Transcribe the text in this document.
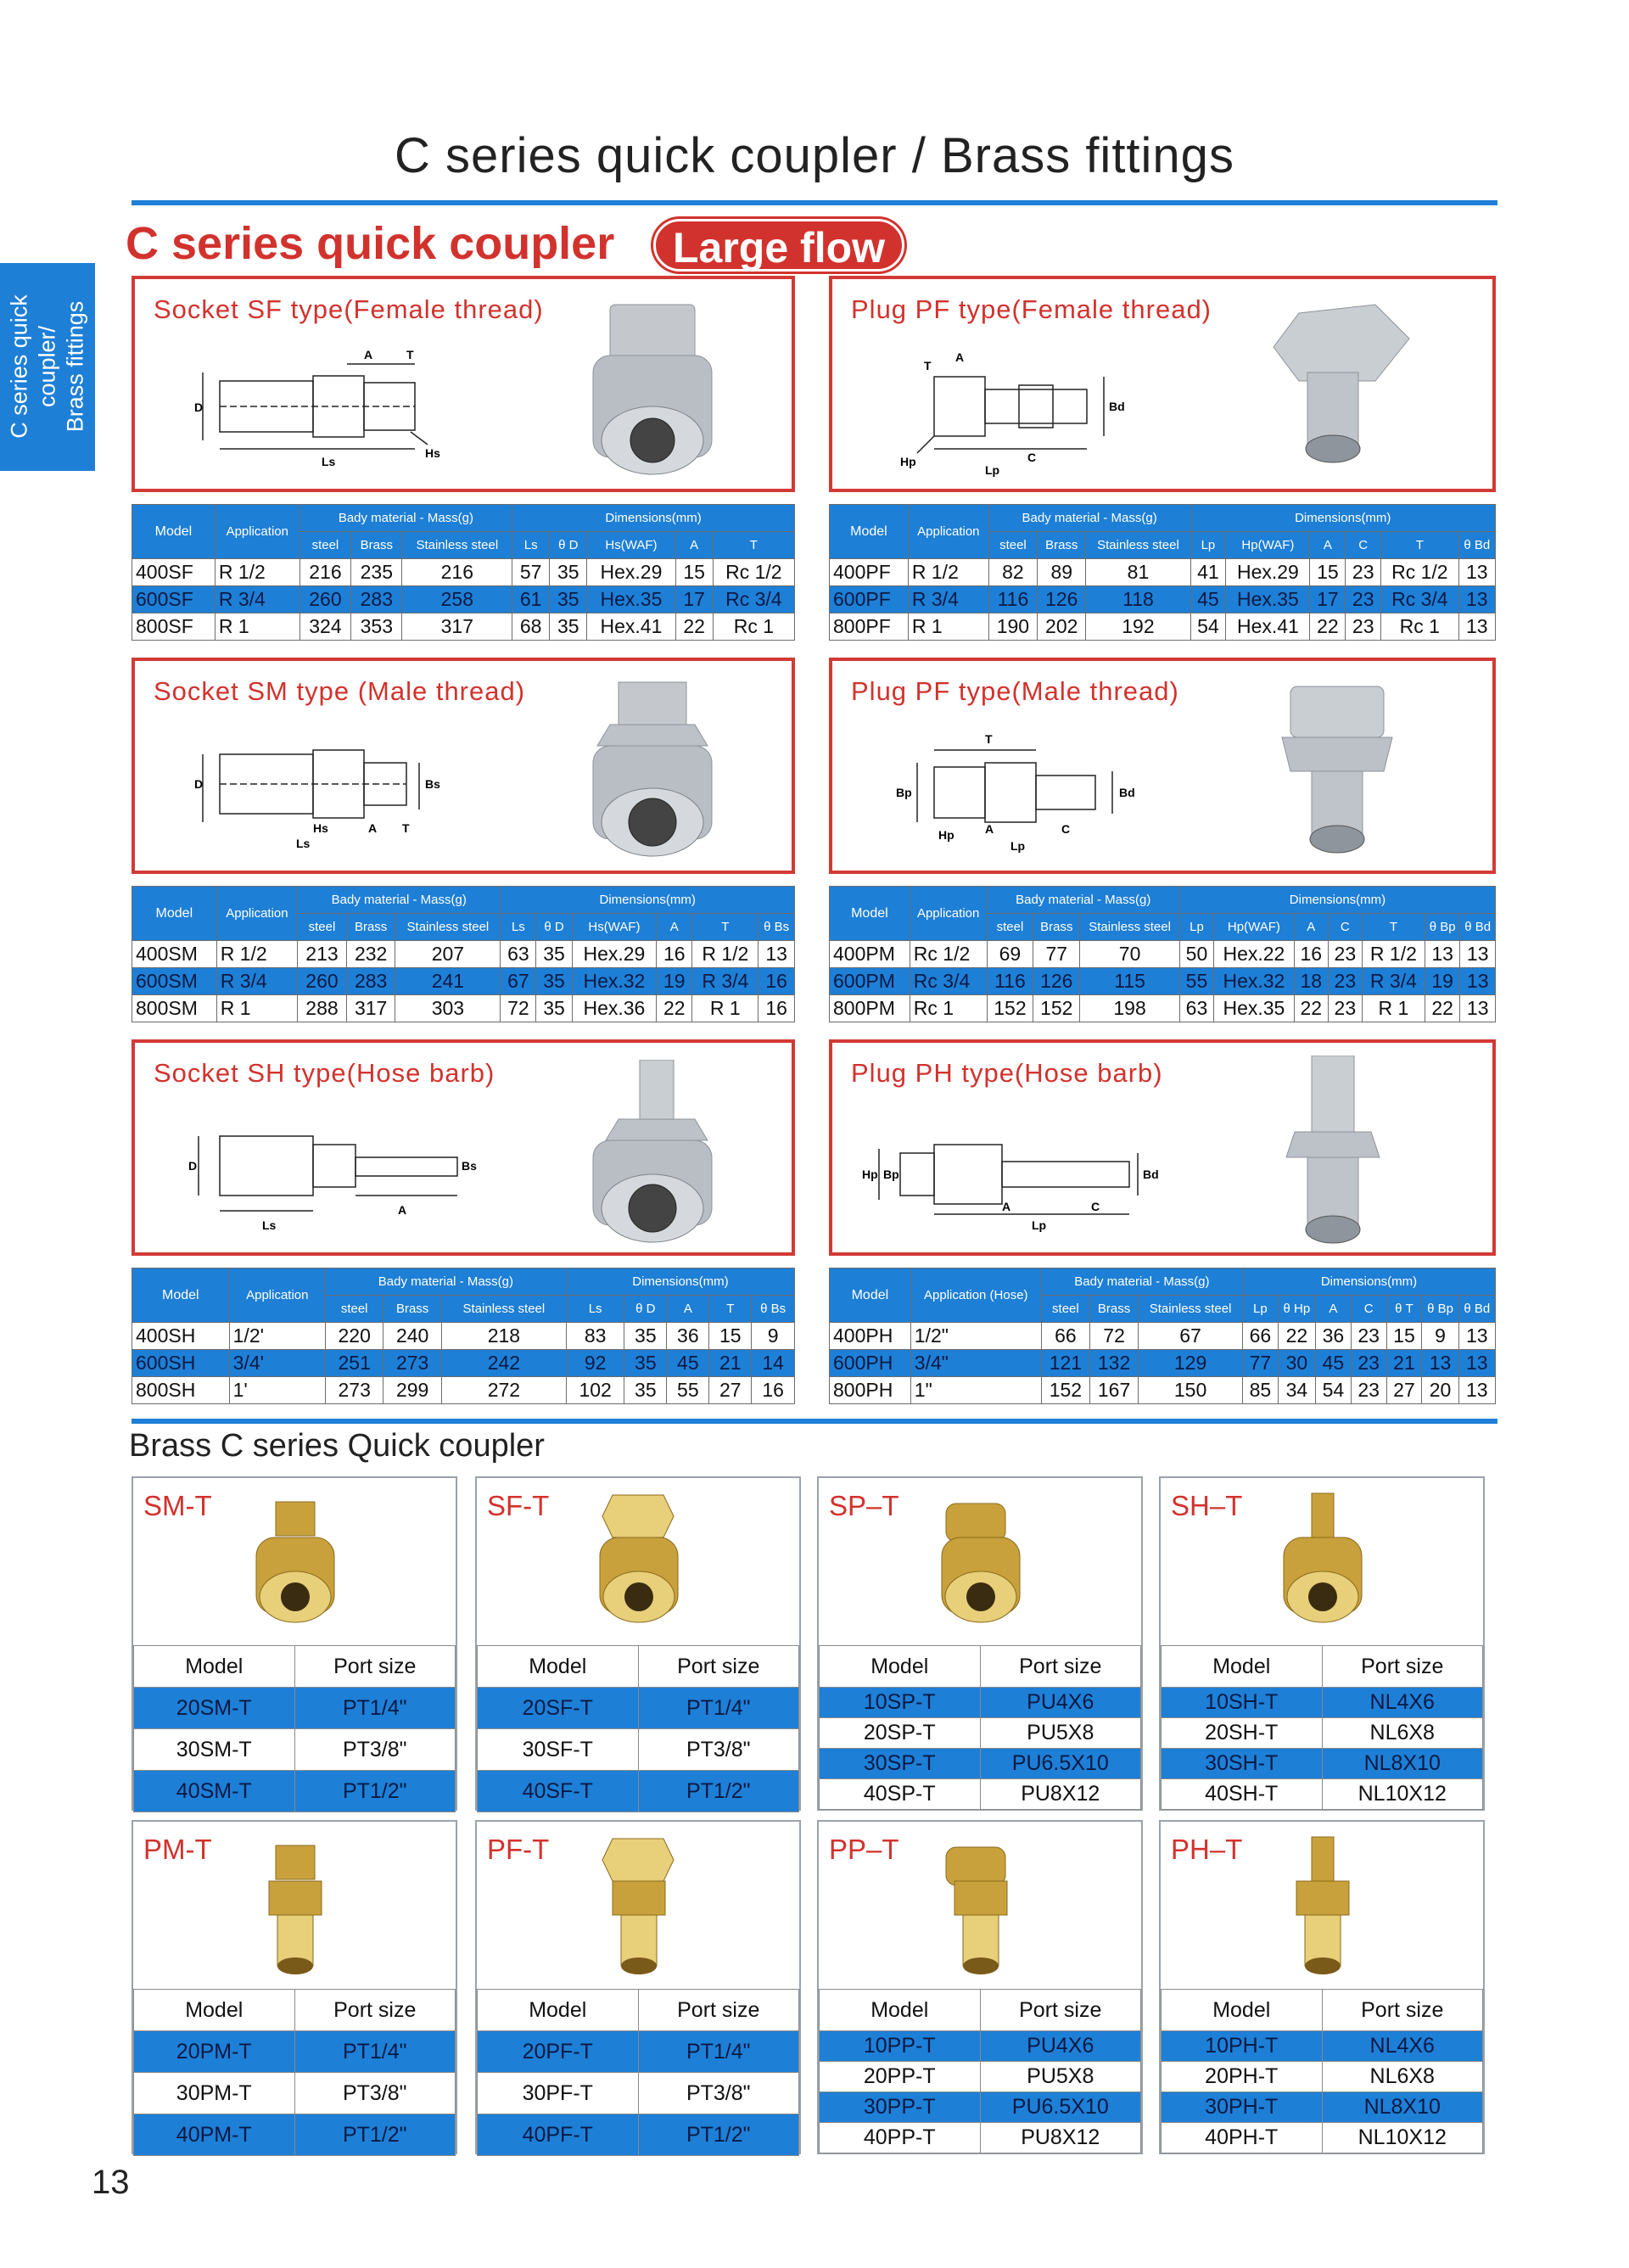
C series quick coupler / Brass fittings
C series quick coupler/ Brass fittings
C series quick coupler	Large flow
Socket SF type(Female thread)
D
A	T
Ls
Hs
Plug PF type(Female thread)
T
A
Hp	C
Lp
Bd
Socket SM type (Male thread)
D
Hs	A T
Ls
Bs
Plug PF type(Male thread)
T
Bp
Hp	A
Lp
C
Bd
Socket SH type(Hose barb)
D
Ls
A
Bs
Plug PH type(Hose barb)
Hp Bp
A	C
Lp
Bd
Model	Application	Bady material - Mass(g)			Dimensions(mm)				
		steel	Brass	Stainless steel	Ls	θ D	Hs(WAF)	A	T
400SF	R 1/2	216	235	216	57	35	Hex.29	15	Rc 1/2
600SF	R 3/4	260	283	258	61	35	Hex.35	17	Rc 3/4
800SF	R 1	324	353	317	68	35	Hex.41	22	Rc 1
Model	Application	Bady material - Mass(g)			Dimensions(mm)					
		steel	Brass	Stainless steel	Lp	Hp(WAF)	A	C	T	θ Bd
400PF	R 1/2	82	89	81	41	Hex.29	15	23	Rc 1/2	13
600PF	R 3/4	116	126	118	45	Hex.35	17	23	Rc 3/4	13
800PF	R 1	190	202	192	54	Hex.41	22	23	Rc 1	13
Model	Application	Bady material - Mass(g)			Dimensions(mm)					
		steel	Brass	Stainless steel	Ls	θ D	Hs(WAF)	A	T	θ Bs
400SM	R 1/2	213	232	207	63	35	Hex.29	16	R 1/2	13
600SM	R 3/4	260	283	241	67	35	Hex.32	19	R 3/4	16
800SM	R 1	288	317	303	72	35	Hex.36	22	R 1	16
Model	Application	Bady material - Mass(g)			Dimensions(mm)						
		steel	Brass	Stainless steel	Lp	Hp(WAF)	A	C	T	θ Bp	θ Bd
400PM	Rc 1/2	69	77	70	50	Hex.22	16	23	R 1/2	13	13
600PM	Rc 3/4	116	126	115	55	Hex.32	18	23	R 3/4	19	13
800PM	Rc 1	152	152	198	63	Hex.35	22	23	R 1	22	13
Model	Application	Bady material - Mass(g)			Dimensions(mm)				
		steel	Brass	Stainless steel	Ls	θ D	A	T	θ Bs
400SH	1/2'	220	240	218	83	35	36	15	9
600SH	3/4'	251	273	242	92	35	45	21	14
800SH	1'	273	299	272	102	35	55	27	16
Model	Application (Hose)	Bady material - Mass(g)			Dimensions(mm)						
		steel	Brass	Stainless steel	Lp	θ Hp	A	C	θ T	θ Bp	θ Bd
400PH	1/2"	66	72	67	66	22	36	23	15	9	13
600PH	3/4"	121	132	129	77	30	45	23	21	13	13
800PH	1"	152	167	150	85	34	54	23	27	20	13
Brass C series Quick coupler
SM-T
Model	Port size
20SM-T	PT1/4"
30SM-T	PT3/8"
40SM-T	PT1/2"
SF-T
Model	Port size
20SF-T	PT1/4"
30SF-T	PT3/8"
40SF-T	PT1/2"
SP–T
Model	Port size
10SP-T	PU4X6
20SP-T	PU5X8
30SP-T	PU6.5X10
40SP-T	PU8X12
SH–T
Model	Port size
10SH-T	NL4X6
20SH-T	NL6X8
30SH-T	NL8X10
40SH-T	NL10X12
PM-T
Model	Port size
20PM-T	PT1/4"
30PM-T	PT3/8"
40PM-T	PT1/2"
PF-T
Model	Port size
20PF-T	PT1/4"
30PF-T	PT3/8"
40PF-T	PT1/2"
PP–T
Model	Port size
10PP-T	PU4X6
20PP-T	PU5X8
30PP-T	PU6.5X10
40PP-T	PU8X12
PH–T
Model	Port size
10PH-T	NL4X6
20PH-T	NL6X8
30PH-T	NL8X10
40PH-T	NL10X12
13
